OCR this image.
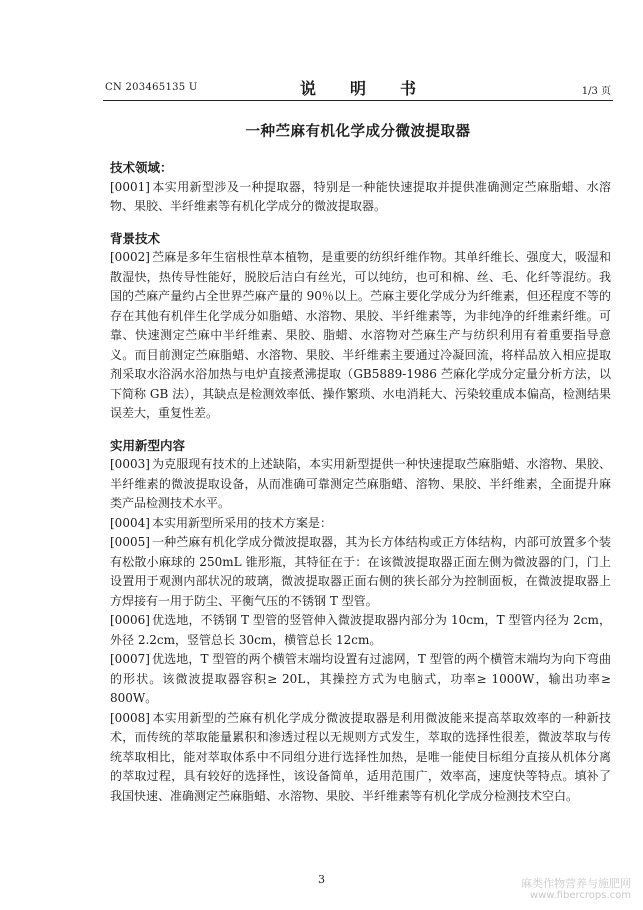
CN 203465135 U	说　明　书	1/3 页
一种苎麻有机化学成分微波提取器

技术领域：

[0001] 本实用新型涉及一种提取器，特别是一种能快速提取并提供准确测定苎麻脂蜡、水溶物、果胶、半纤维素等有机化学成分的微波提取器。

背景技术

[0002] 苎麻是多年生宿根性草本植物，是重要的纺织纤维作物。其单纤维长、强度大，吸湿和散湿快，热传导性能好，脱胶后洁白有丝光，可以纯纺，也可和棉、丝、毛、化纤等混纺。我国的苎麻产量约占全世界苎麻产量的 90％以上。苎麻主要化学成分为纤维素，但还程度不等的存在其他有机伴生化学成分如脂蜡、水溶物、果胶、半纤维素等，为非纯净的纤维素纤维。可靠、快速测定苎麻中半纤维素、果胶、脂蜡、水溶物对苎麻生产与纺织利用有着重要指导意义。而目前测定苎麻脂蜡、水溶物、果胶、半纤维素主要通过冷凝回流，将样品放入相应提取剂采取水浴涡水浴加热与电炉直接煮沸提取（GB5889-1986 苎麻化学成分定量分析方法，以下简称 GB 法），其缺点是检测效率低、操作繁琐、水电消耗大、污染较重成本偏高，检测结果误差大，重复性差。

实用新型内容

[0003] 为克服现有技术的上述缺陷，本实用新型提供一种快速提取苎麻脂蜡、水溶物、果胶、半纤维素的微波提取设备，从而准确可靠测定苎麻脂蜡、溶物、果胶、半纤维素，全面提升麻类产品检测技术水平。

[0004] 本实用新型所采用的技术方案是：

[0005] 一种苎麻有机化学成分微波提取器，其为长方体结构或正方体结构，内部可放置多个装有松散小麻球的 250mL 锥形瓶，其特征在于：在该微波提取器正面左侧为微波器的门，门上设置用于观测内部状况的玻璃，微波提取器正面右侧的狭长部分为控制面板，在微波提取器上方焊接有一用于防尘、平衡气压的不锈钢 T 型管。

[0006] 优选地，不锈钢 T 型管的竖管伸入微波提取器内部分为 10cm，T 型管内径为 2cm，外径 2.2cm，竖管总长 30cm，横管总长 12cm。

[0007] 优选地，T 型管的两个横管末端均设置有过滤网，T 型管的两个横管末端均为向下弯曲的形状。该微波提取器容积≥ 20L，其操控方式为电脑式，功率≥ 1000W，输出功率≥ 800W。

[0008] 本实用新型的苎麻有机化学成分微波提取器是利用微波能来提高萃取效率的一种新技术，而传统的萃取能量累积和渗透过程以无规则方式发生，萃取的选择性很差，微波萃取与传统萃取相比，能对萃取体系中不同组分进行选择性加热，是唯一能使目标组分直接从机体分离的萃取过程，具有较好的选择性，该设备简单，适用范围广，效率高，速度快等特点。填补了我国快速、准确测定苎麻脂蜡、水溶物、果胶、半纤维素等有机化学成分检测技术空白。

3	麻类作物营养与施肥网
www.fibercrops.com
